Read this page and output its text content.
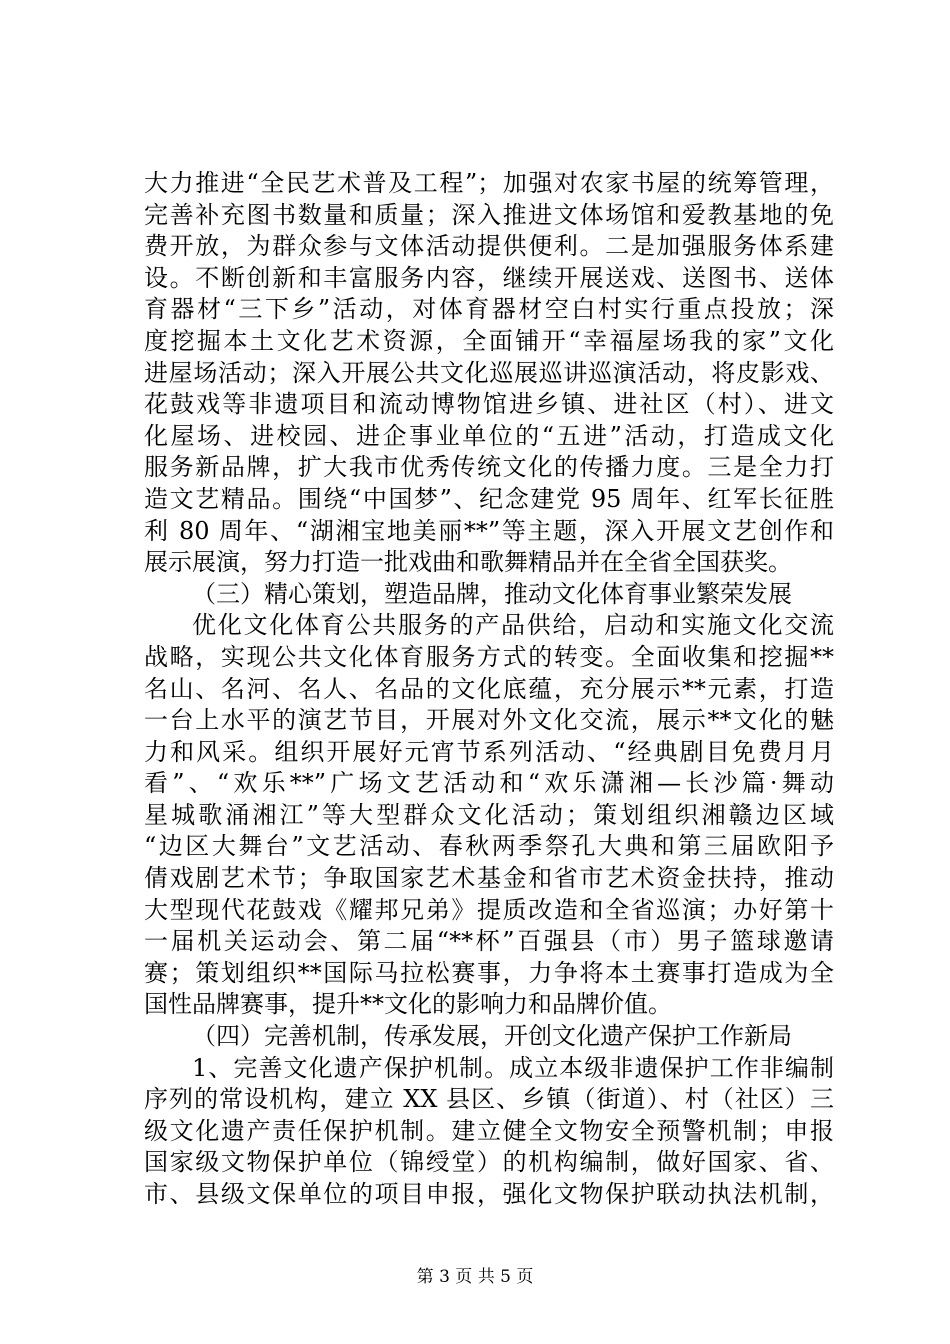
大力推进“全民艺术普及工程”；加强对农家书屋的统筹管理，
完善补充图书数量和质量；深入推进文体场馆和爱教基地的免
费开放，为群众参与文体活动提供便利。二是加强服务体系建
设。不断创新和丰富服务内容，继续开展送戏、送图书、送体
育器材“三下乡”活动，对体育器材空白村实行重点投放；深
度挖掘本土文化艺术资源，全面铺开“幸福屋场我的家”文化
进屋场活动；深入开展公共文化巡展巡讲巡演活动，将皮影戏、
花鼓戏等非遗项目和流动博物馆进乡镇、进社区（村）、进文
化屋场、进校园、进企事业单位的“五进”活动，打造成文化
服务新品牌，扩大我市优秀传统文化的传播力度。三是全力打
造文艺精品。围绕“中国梦”、纪念建党 95 周年、红军长征胜
利 80 周年、“湖湘宝地美丽**”等主题，深入开展文艺创作和
展示展演，努力打造一批戏曲和歌舞精品并在全省全国获奖。
（三）精心策划，塑造品牌，推动文化体育事业繁荣发展
优化文化体育公共服务的产品供给，启动和实施文化交流
战略，实现公共文化体育服务方式的转变。全面收集和挖掘**
名山、名河、名人、名品的文化底蕴，充分展示**元素，打造
一台上水平的演艺节目，开展对外文化交流，展示**文化的魅
力和风采。组织开展好元宵节系列活动、“经典剧目免费月月
看”、“欢乐**”广场文艺活动和“欢乐潇湘—长沙篇·舞动
星城歌涌湘江”等大型群众文化活动；策划组织湘赣边区域
“边区大舞台”文艺活动、春秋两季祭孔大典和第三届欧阳予
倩戏剧艺术节；争取国家艺术基金和省市艺术资金扶持，推动
大型现代花鼓戏《耀邦兄弟》提质改造和全省巡演；办好第十
一届机关运动会、第二届“**杯”百强县（市）男子篮球邀请
赛；策划组织**国际马拉松赛事，力争将本土赛事打造成为全
国性品牌赛事，提升**文化的影响力和品牌价值。
（四）完善机制，传承发展，开创文化遗产保护工作新局
1、完善文化遗产保护机制。成立本级非遗保护工作非编制
序列的常设机构，建立 XX 县区、乡镇（街道）、村（社区）三
级文化遗产责任保护机制。建立健全文物安全预警机制；申报
国家级文物保护单位（锦绶堂）的机构编制，做好国家、省、
市、县级文保单位的项目申报，强化文物保护联动执法机制，
第 3 页 共 5 页
